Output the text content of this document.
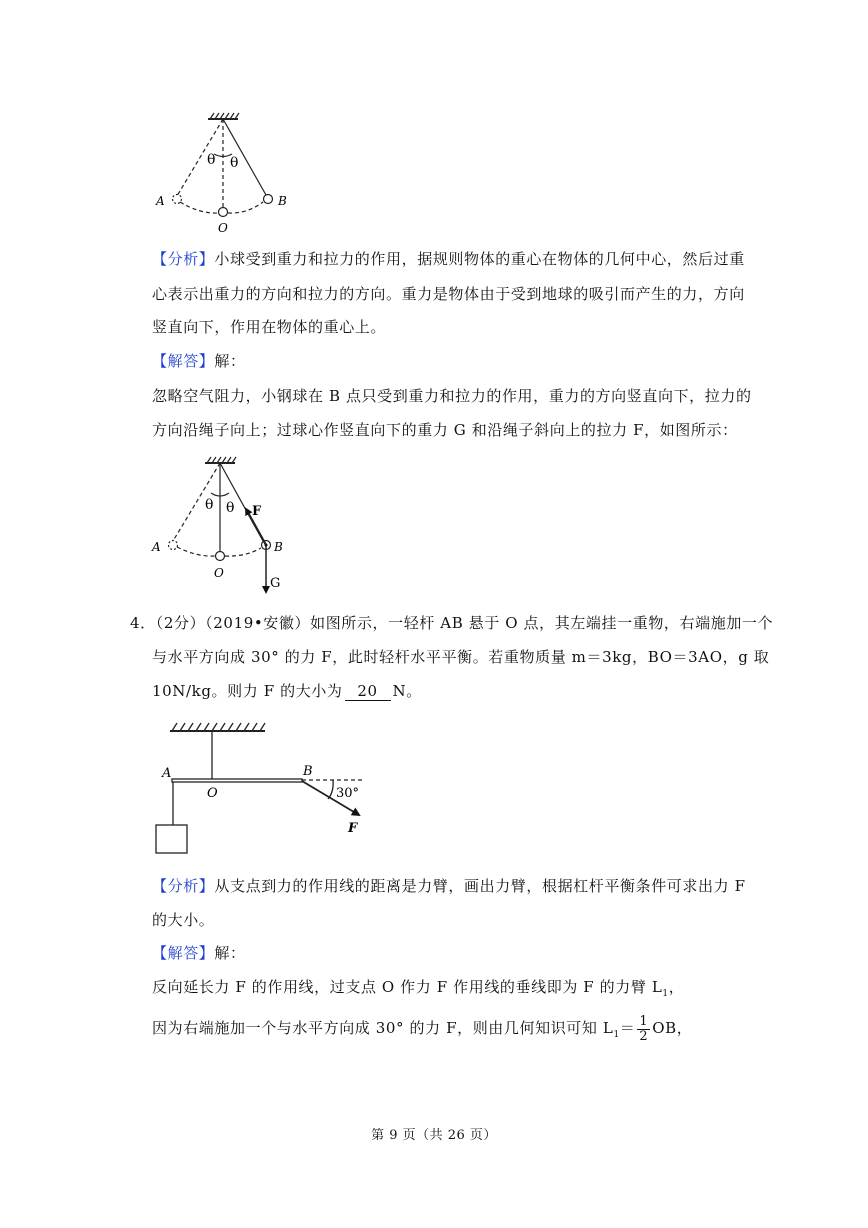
θ θ
A	B
O
【分析】小球受到重力和拉力的作用，据规则物体的重心在物体的几何中心，然后过重
心表示出重力的方向和拉力的方向。重力是物体由于受到地球的吸引而产生的力，方向
竖直向下，作用在物体的重心上。
【解答】解：
忽略空气阻力，小钢球在 B 点只受到重力和拉力的作用，重力的方向竖直向下，拉力的
方向沿绳子向上；过球心作竖直向下的重力 G 和沿绳子斜向上的拉力 F，如图所示：
θ θ F
A	B
O
G
4．（2分）（2019•安徽）如图所示，一轻杆 AB 悬于 O 点，其左端挂一重物，右端施加一个
与水平方向成 30° 的力 F，此时轻杆水平平衡。若重物质量 m＝3kg，BO＝3AO，g 取
10N/kg。则力 F 的大小为 20 N。
A
O
B
30°
F
【分析】从支点到力的作用线的距离是力臂，画出力臂，根据杠杆平衡条件可求出力 F
的大小。
【解答】解：
反向延长力 F 的作用线，过支点 O 作力 F 作用线的垂线即为 F 的力臂 $L_1$，
因为右端施加一个与水平方向成 30° 的力 F，则由几何知识可知 $L_1= \frac{1}{2}$ OB，
第 9 页（共 26 页）
